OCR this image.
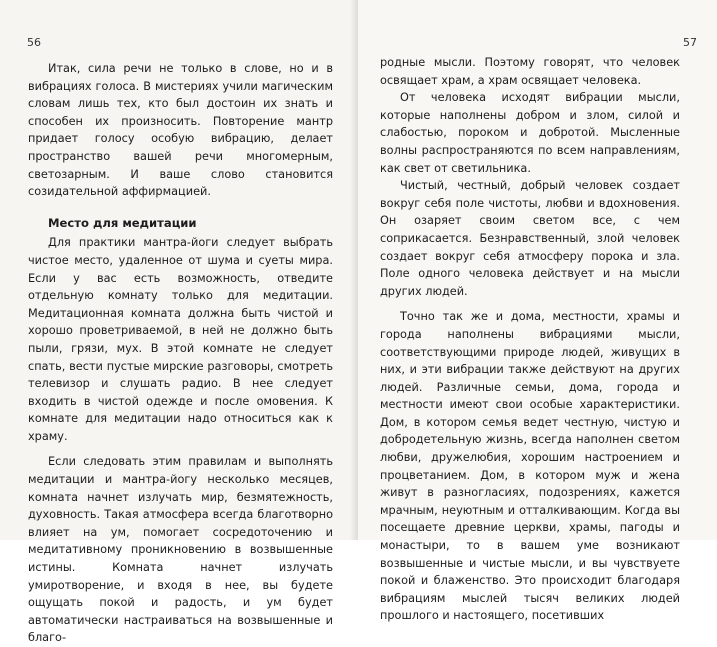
56

Итак, сила речи не только в слове, но и в вибрациях голоса. В мистериях учили магическим словам лишь тех, кто был достоин их знать и способен их произносить. Повторение мантр придает голосу особую вибрацию, делает пространство вашей речи многомерным, светозарным. И ваше слово становится созидательной аффирмацией.

Место для медитации

Для практики мантра-йоги следует выбрать чистое место, удаленное от шума и суеты мира. Если у вас есть возможность, отведите отдельную комнату только для медитации. Медитационная комната должна быть чистой и хорошо проветриваемой, в ней не должно быть пыли, грязи, мух. В этой комнате не следует спать, вести пустые мирские разговоры, смотреть телевизор и слушать радио. В нее следует входить в чистой одежде и после омовения. К комнате для медитации надо относиться как к храму.

Если следовать этим правилам и выполнять медитации и мантра-йогу несколько месяцев, комната начнет излучать мир, безмятежность, духовность. Такая атмосфера всегда благотворно влияет на ум, помогает сосредоточению и медитативному проникновению в возвышенные истины. Комната начнет излучать умиротворение, и входя в нее, вы будете ощущать покой и радость, и ум будет автоматически настраиваться на возвышенные и благо-

57

родные мысли. Поэтому говорят, что человек освящает храм, а храм освящает человека.

От человека исходят вибрации мысли, которые наполнены добром и злом, силой и слабостью, пороком и добротой. Мысленные волны распространяются по всем направлениям, как свет от светильника.

Чистый, честный, добрый человек создает вокруг себя поле чистоты, любви и вдохновения. Он озаряет своим светом все, с чем соприкасается. Безнравственный, злой человек создает вокруг себя атмосферу порока и зла. Поле одного человека действует и на мысли других людей.

Точно так же и дома, местности, храмы и города наполнены вибрациями мысли, соответствующими природе людей, живущих в них, и эти вибрации также действуют на других людей. Различные семьи, дома, города и местности имеют свои особые характеристики. Дом, в котором семья ведет честную, чистую и добродетельную жизнь, всегда наполнен светом любви, дружелюбия, хорошим настроением и процветанием. Дом, в котором муж и жена живут в разногласиях, подозрениях, кажется мрачным, неуютным и отталкивающим. Когда вы посещаете древние церкви, храмы, пагоды и монастыри, то в вашем уме возникают возвышенные и чистые мысли, и вы чувствуете покой и блаженство. Это происходит благодаря вибрациям мыслей тысяч великих людей прошлого и настоящего, посетивших
